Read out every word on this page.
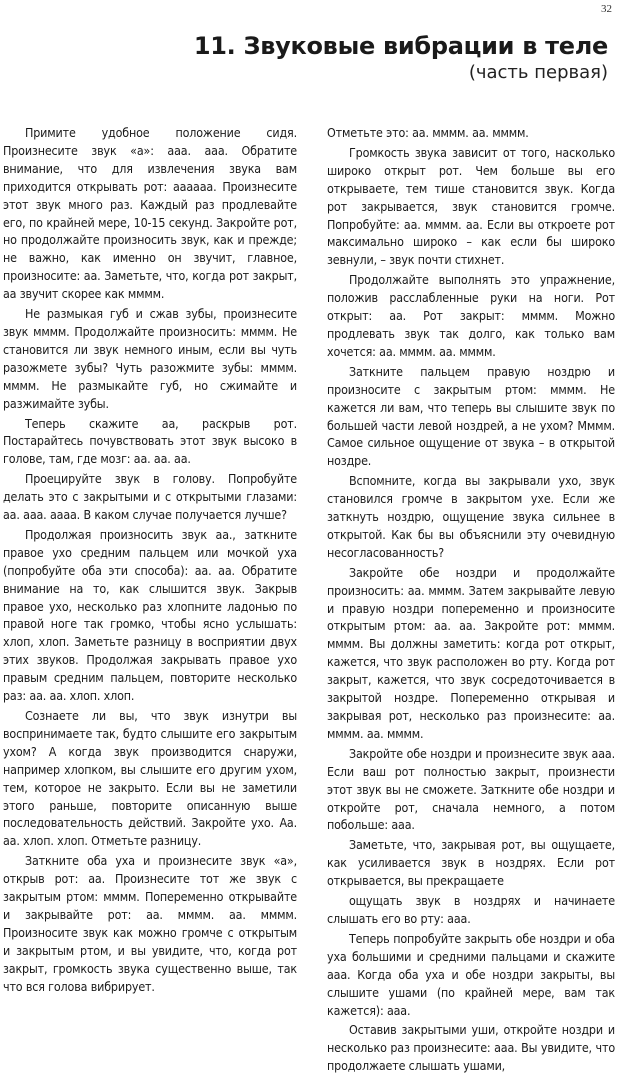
32
11. Звуковые вибрации в теле
(часть первая)

Примите удобное положение сидя. Произнесите звук «а»: ааа. ааа. Обратите внимание, что для извлечения звука вам приходится открывать рот: аааааа. Произнесите этот звук много раз. Каждый раз продлевайте его, по крайней мере, 10-15 секунд. Закройте рот, но продолжайте произносить звук, как и прежде; не важно, как именно он звучит, главное, произносите: аа. Заметьте, что, когда рот закрыт, аа звучит скорее как мммм.

Не размыкая губ и сжав зубы, произнесите звук мммм. Продолжайте произносить: мммм. Не становится ли звук немного иным, если вы чуть разожмете зубы? Чуть разожмите зубы: мммм. мммм. Не размыкайте губ, но сжимайте и разжимайте зубы.

Теперь скажите аа, раскрыв рот. Постарайтесь почувствовать этот звук высоко в голове, там, где мозг: аа. аа. аа.

Проецируйте звук в голову. Попробуйте делать это с закрытыми и с открытыми глазами: аа. ааа. аааа. В каком случае получается лучше?

Продолжая произносить звук аа., заткните правое ухо средним пальцем или мочкой уха (попробуйте оба эти способа): аа. аа. Обратите внимание на то, как слышится звук. Закрыв правое ухо, несколько раз хлопните ладонью по правой ноге так громко, чтобы ясно услышать: хлоп, хлоп. Заметьте разницу в восприятии двух этих звуков. Продолжая закрывать правое ухо правым средним пальцем, повторите несколько раз: аа. аа. хлоп. хлоп.

Сознаете ли вы, что звук изнутри вы воспринимаете так, будто слышите его закрытым ухом? А когда звук производится снаружи, например хлопком, вы слышите его другим ухом, тем, которое не закрыто. Если вы не заметили этого раньше, повторите описанную выше последовательность действий. Закройте ухо. Аа. аа. хлоп. хлоп. Отметьте разницу.

Заткните оба уха и произнесите звук «а», открыв рот: аа. Произнесите тот же звук с закрытым ртом: мммм. Попеременно открывайте и закрывайте рот: аа. мммм. аа. мммм. Произносите звук как можно громче с открытым и закрытым ртом, и вы увидите, что, когда рот закрыт, громкость звука существенно выше, так что вся голова вибрирует.

Отметьте это: аа. мммм. аа. мммм.

Громкость звука зависит от того, насколько широко открыт рот. Чем больше вы его открываете, тем тише становится звук. Когда рот закрывается, звук становится громче. Попробуйте: аа. мммм. аа. Если вы откроете рот максимально широко – как если бы широко зевнули, – звук почти стихнет.

Продолжайте выполнять это упражнение, положив расслабленные руки на ноги. Рот открыт: аа. Рот закрыт: мммм. Можно продлевать звук так долго, как только вам хочется: аа. мммм. аа. мммм.

Заткните пальцем правую ноздрю и произносите с закрытым ртом: мммм. Не кажется ли вам, что теперь вы слышите звук по большей части левой ноздрей, а не ухом? Мммм. Самое сильное ощущение от звука – в открытой ноздре.

Вспомните, когда вы закрывали ухо, звук становился громче в закрытом ухе. Если же заткнуть ноздрю, ощущение звука сильнее в открытой. Как бы вы объяснили эту очевидную несогласованность?

Закройте обе ноздри и продолжайте произносить: аа. мммм. Затем закрывайте левую и правую ноздри попеременно и произносите открытым ртом: аа. аа. Закройте рот: мммм. мммм. Вы должны заметить: когда рот открыт, кажется, что звук расположен во рту. Когда рот закрыт, кажется, что звук сосредоточивается в закрытой ноздре. Попеременно открывая и закрывая рот, несколько раз произнесите: аа. мммм. аа. мммм.

Закройте обе ноздри и произнесите звук ааа. Если ваш рот полностью закрыт, произнести этот звук вы не сможете. Заткните обе ноздри и откройте рот, сначала немного, а потом побольше: ааа.

Заметьте, что, закрывая рот, вы ощущаете, как усиливается звук в ноздрях. Если рот открывается, вы прекращаете

ощущать звук в ноздрях и начинаете слышать его во рту: ааа.

Теперь попробуйте закрыть обе ноздри и оба уха большими и средними пальцами и скажите ааа. Когда оба уха и обе ноздри закрыты, вы слышите ушами (по крайней мере, вам так кажется): ааа.

Оставив закрытыми уши, откройте ноздри и несколько раз произнесите: ааа. Вы увидите, что продолжаете слышать ушами,
